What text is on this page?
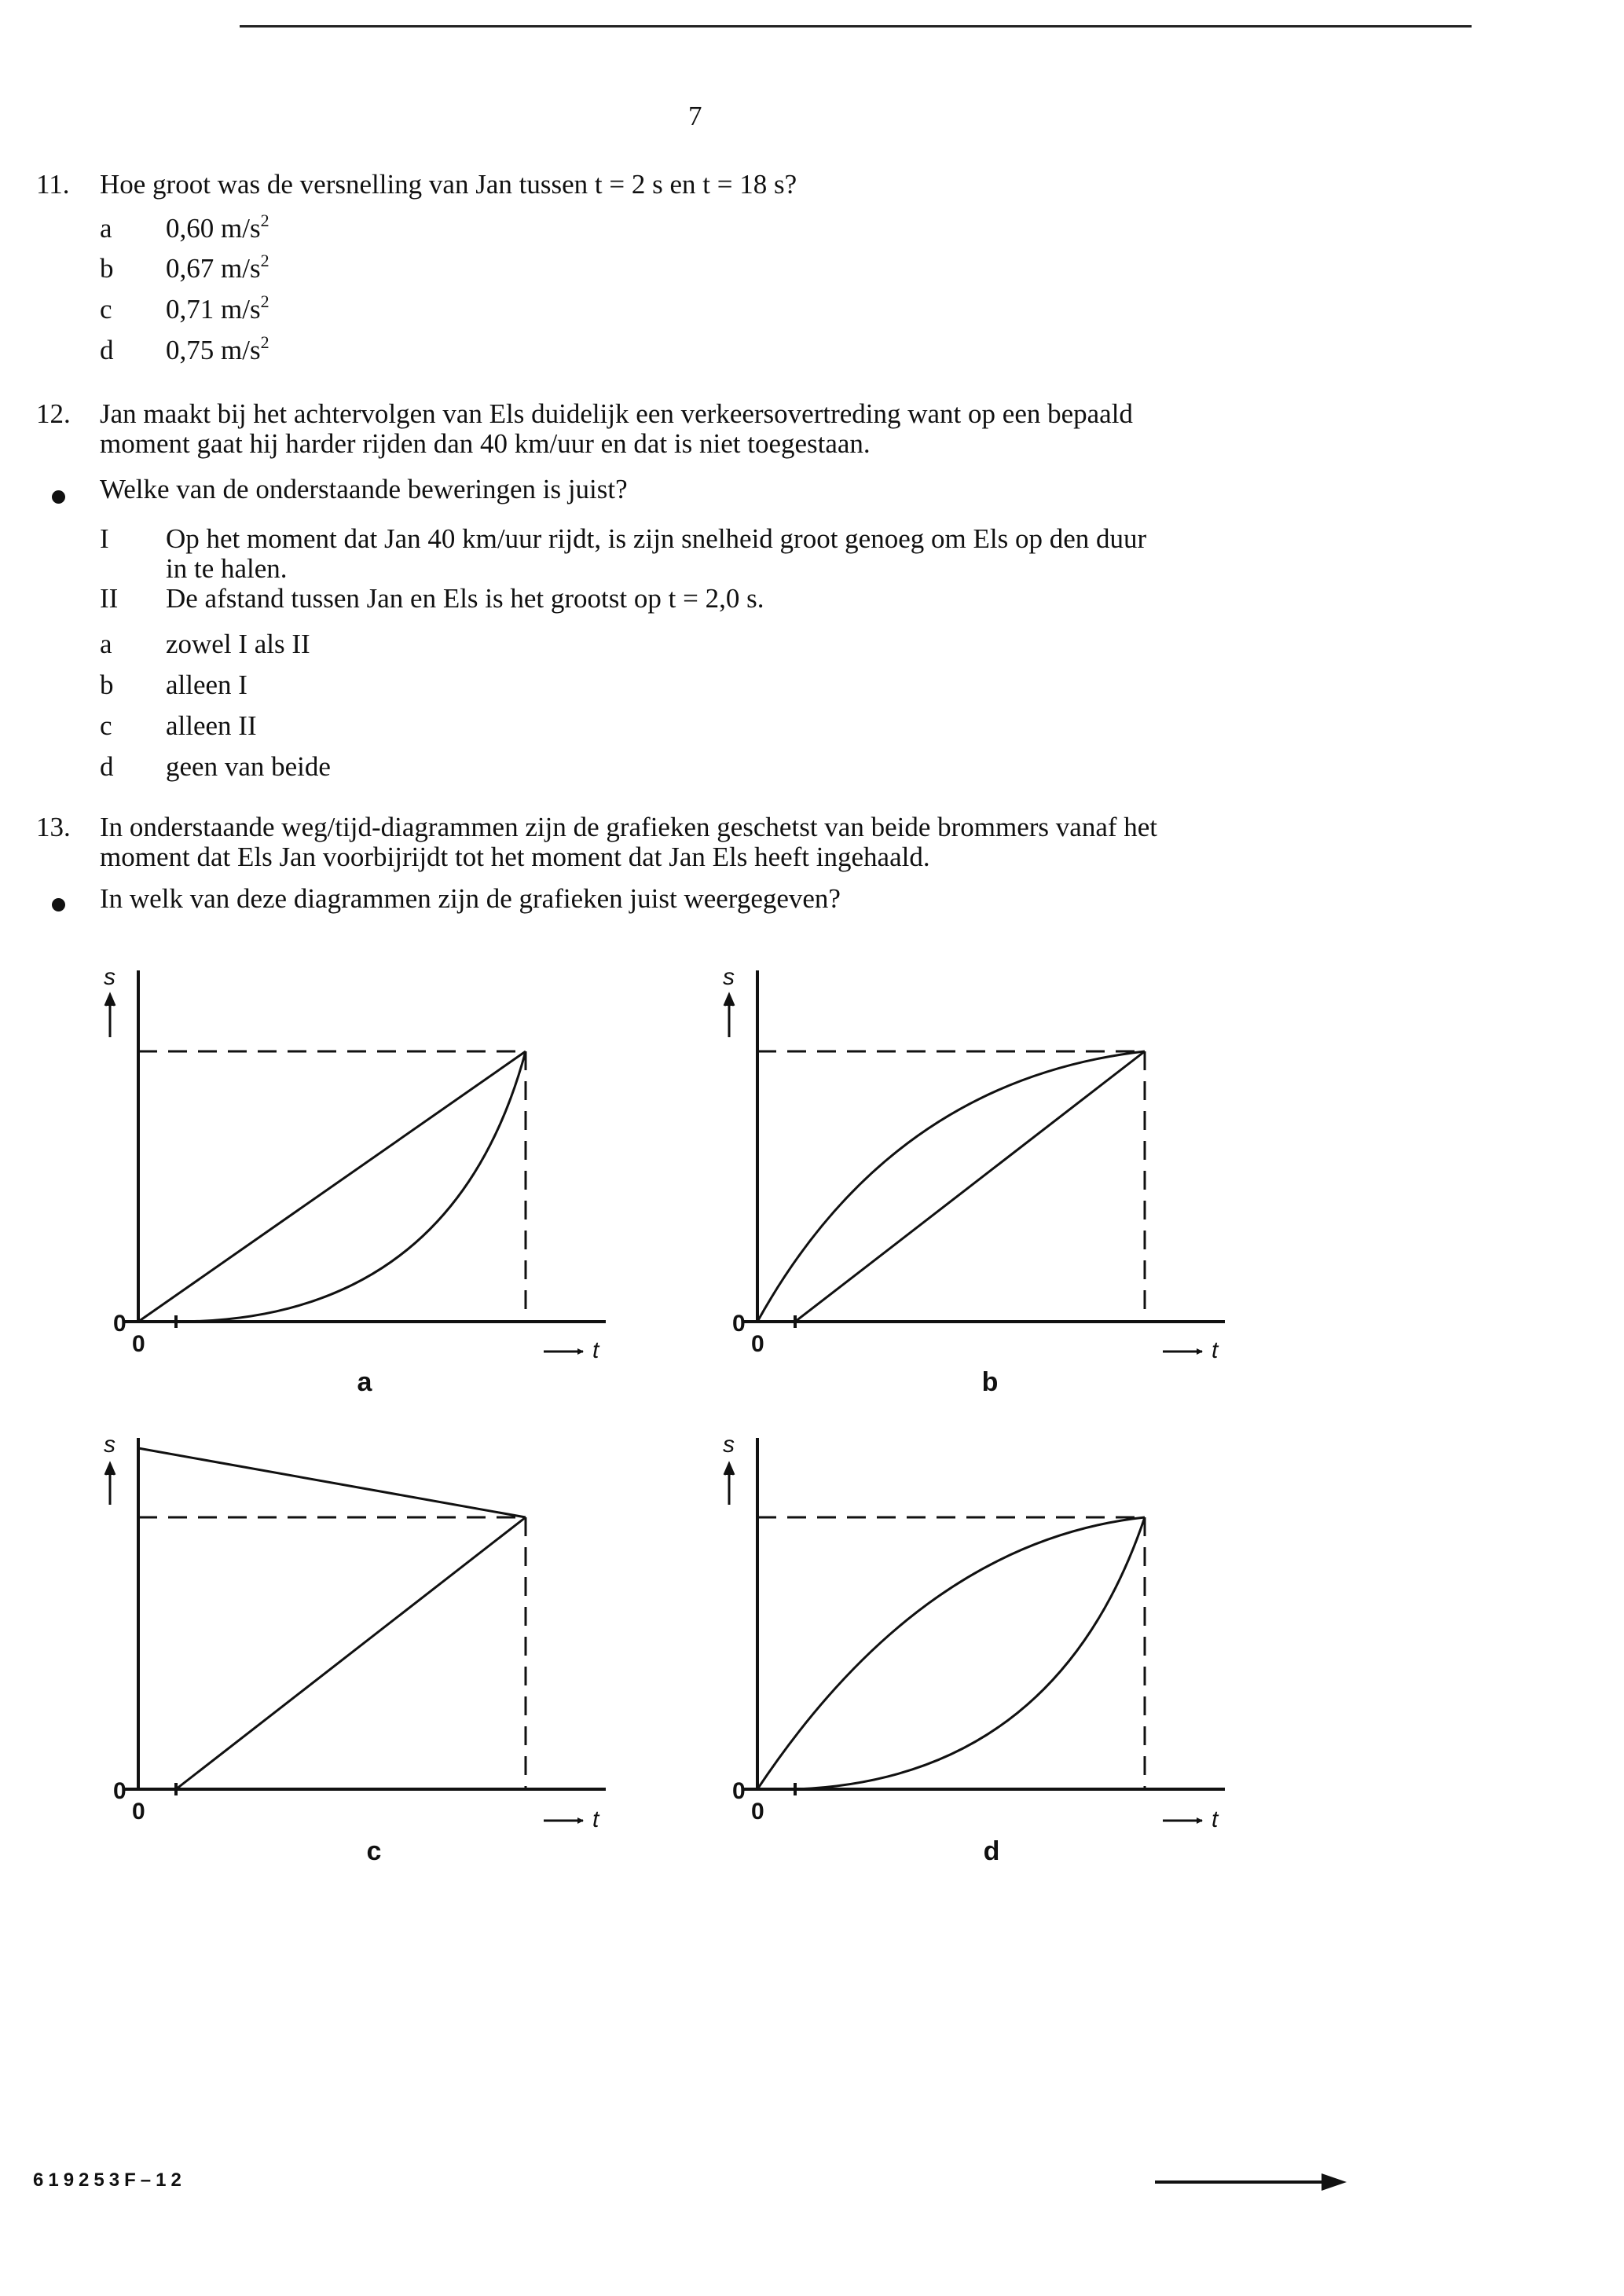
7
11. Hoe groot was de versnelling van Jan tussen t = 2 s en t = 18 s?
a 0,60 $m/s^2$
b 0,67 $m/s^2$
c 0,71 $m/s^2$
d 0,75 $m/s^2$
12. Jan maakt bij het achtervolgen van Els duidelijk een verkeersovertreding want op een bepaald
moment gaat hij harder rijden dan 40 km/uur en dat is niet toegestaan.
Welke van de onderstaande beweringen is juist?
I Op het moment dat Jan 40 km/uur rijdt, is zijn snelheid groot genoeg om Els op den duur
in te halen.
II De afstand tussen Jan en Els is het grootst op t = 2,0 s.
a zowel I als II
b alleen I
c alleen II
d geen van beide
13. In onderstaande weg/tijd-diagrammen zijn de grafieken geschetst van beide brommers vanaf het
moment dat Els Jan voorbijrijdt tot het moment dat Jan Els heeft ingehaald.
In welk van deze diagrammen zijn de grafieken juist weergegeven?
s
0
0	t
a
s
0
0	t
b
s
0
0	t
c
s
0
0	t
d
619253F–12
